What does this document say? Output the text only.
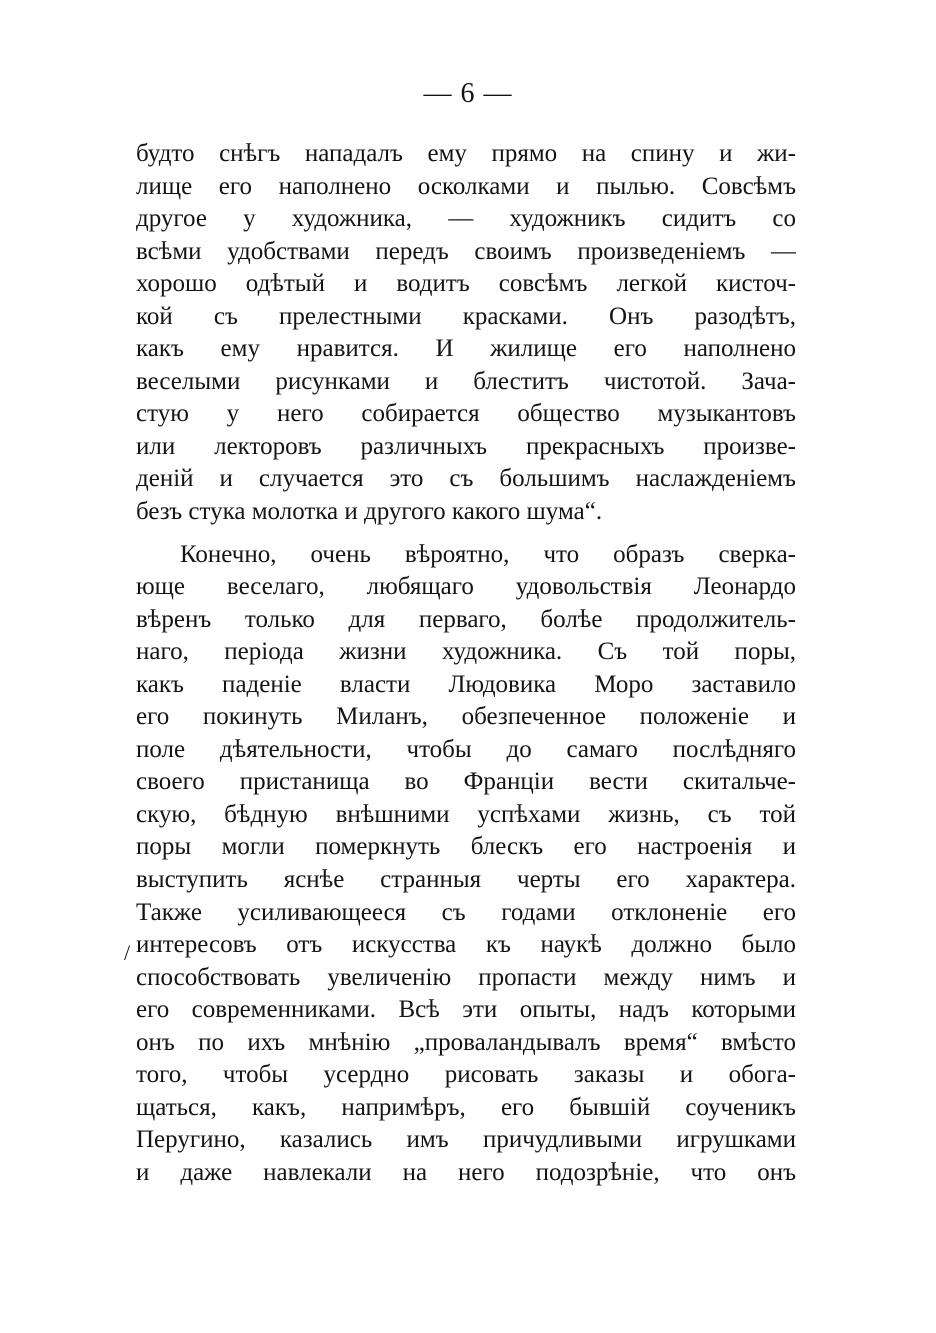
— 6 —
/
будто снѣгъ нападалъ ему прямо на спину и жи-
лище его наполнено осколками и пылью. Совсѣмъ
другое у художника, — художникъ сидитъ со
всѣми удобствами передъ своимъ произведеніемъ —
хорошо одѣтый и водитъ совсѣмъ легкой кисточ-
кой съ прелестными красками. Онъ разодѣтъ,
какъ ему нравится. И жилище его наполнено
веселыми рисунками и блеститъ чистотой. Зача-
стую у него собирается общество музыкантовъ
или лекторовъ различныхъ прекрасныхъ произве-
деній и случается это съ большимъ наслажденіемъ
безъ стука молотка и другого какого шума“.
Конечно, очень вѣроятно, что образъ сверка-
юще веселаго, любящаго удовольствія Леонардо
вѣренъ только для перваго, болѣе продолжитель-
наго, періода жизни художника. Съ той поры,
какъ паденіе власти Людовика Моро заставило
его покинуть Миланъ, обезпеченное положеніе и
поле дѣятельности, чтобы до самаго послѣдняго
своего пристанища во Франціи вести скитальче-
скую, бѣдную внѣшними успѣхами жизнь, съ той
поры могли померкнуть блескъ его настроенія и
выступить яснѣе странныя черты его характера.
Также усиливающееся съ годами отклоненіе его
интересовъ отъ искусства къ наукѣ должно было
способствовать увеличенію пропасти между нимъ и
его современниками. Всѣ эти опыты, надъ которыми
онъ по ихъ мнѣнію „проваландывалъ время“ вмѣсто
того, чтобы усердно рисовать заказы и обога-
щаться, какъ, напримѣръ, его бывшій соученикъ
Перугино, казались имъ причудливыми игрушками
и даже навлекали на него подозрѣніе, что онъ
